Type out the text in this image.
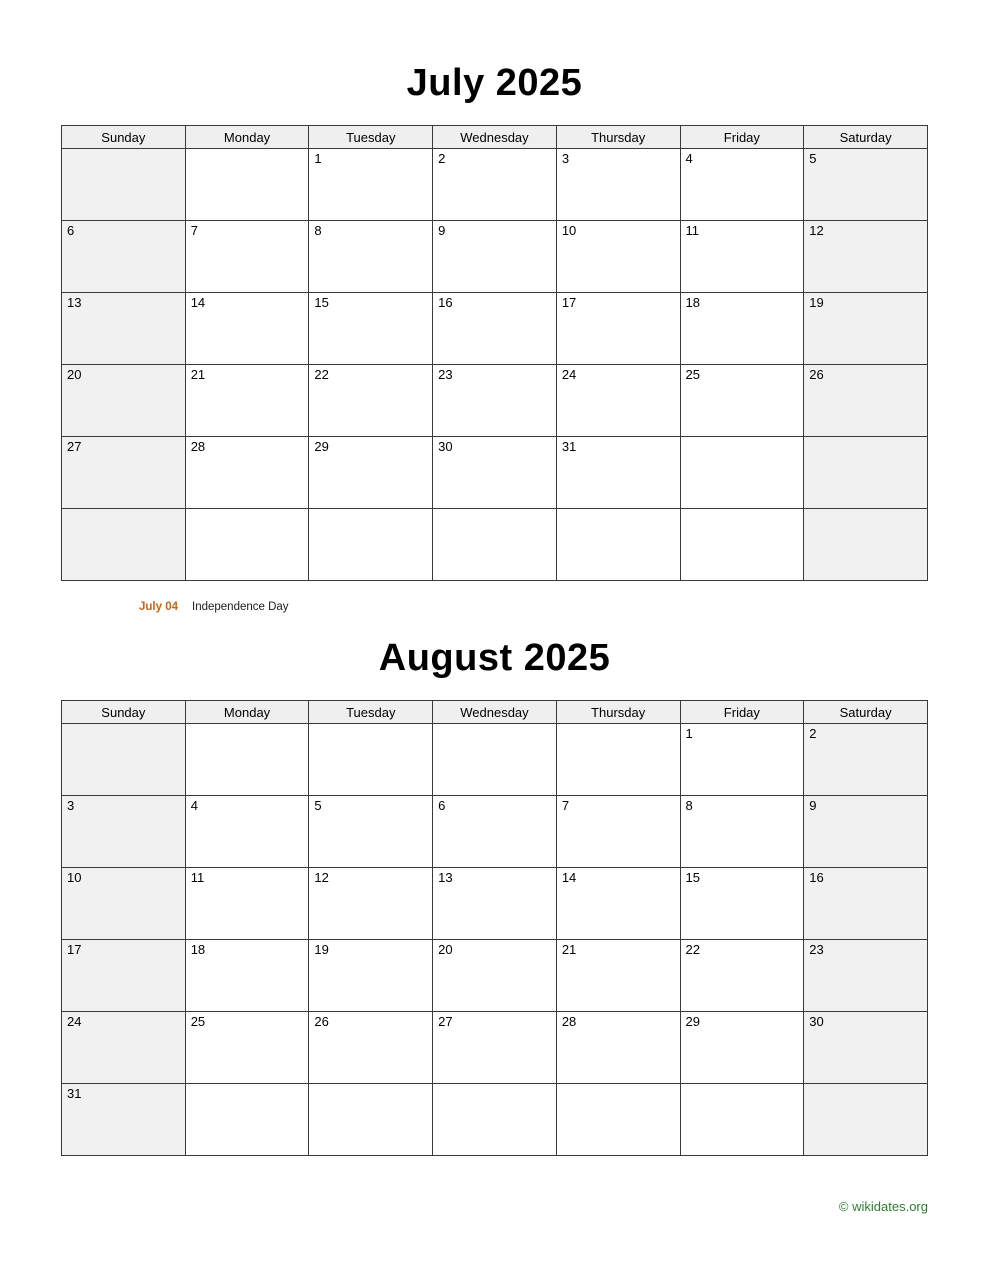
July 2025
Sunday	Monday	Tuesday	Wednesday	Thursday	Friday	Saturday

		1	2	3	4	5

6	7	8	9	10	11	12

13	14	15	16	17	18	19

20	21	22	23	24	25	26

27	28	29	30	31		

July 04 Independence Day
August 2025
Sunday	Monday	Tuesday	Wednesday	Thursday	Friday	Saturday

					1	2

3	4	5	6	7	8	9

10	11	12	13	14	15	16

17	18	19	20	21	22	23

24	25	26	27	28	29	30

31						

© wikidates.org
